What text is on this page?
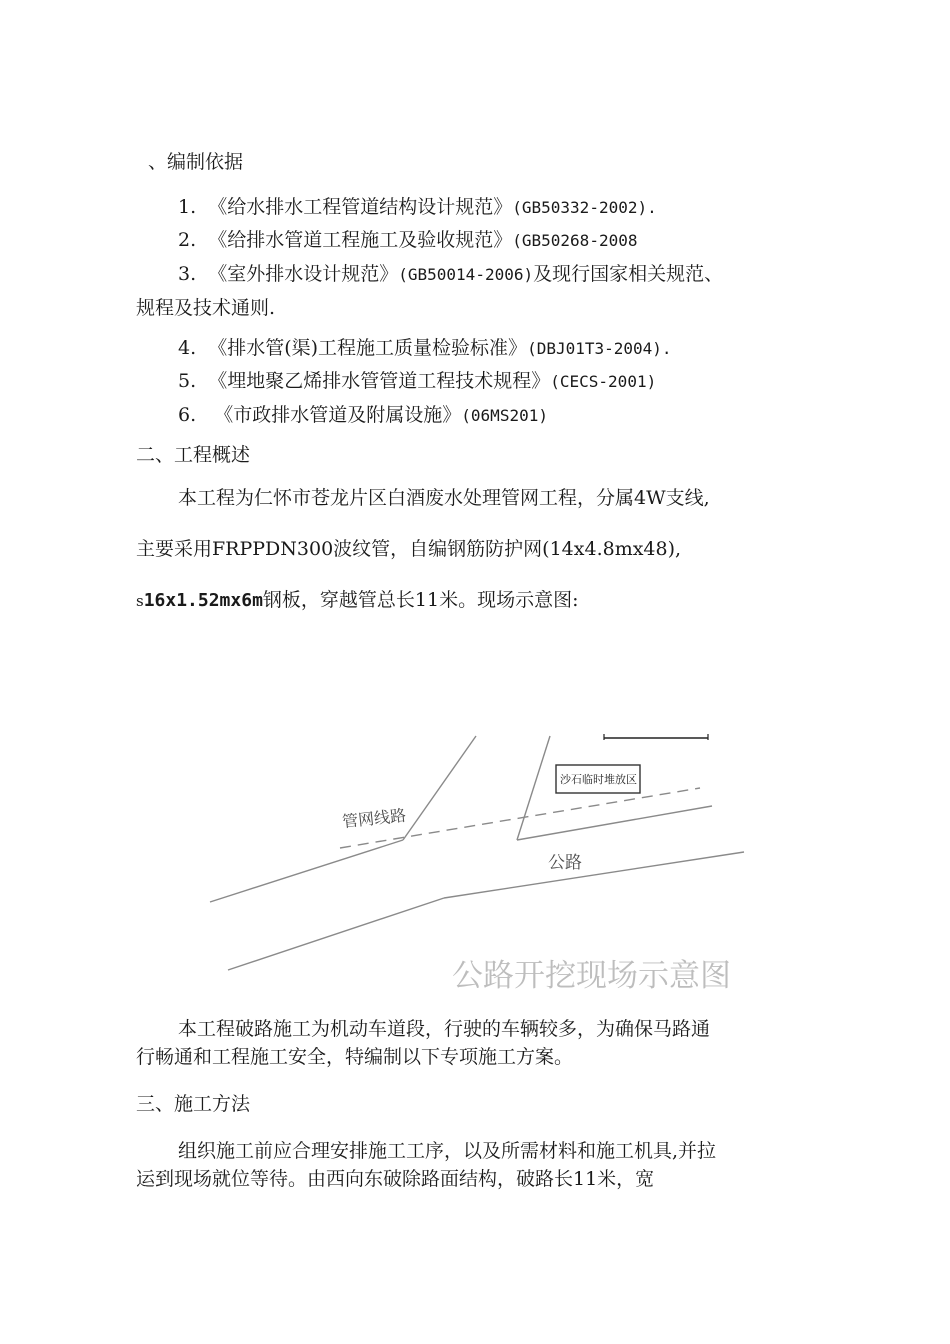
、编制依据
1. 《给水排水工程管道结构设计规范》(GB50332-2002).
2. 《给排水管道工程施工及验收规范》(GB50268-2008
3. 《室外排水设计规范》(GB50014-2006)及现行国家相关规范、
规程及技术通则.
4. 《排水管(渠)工程施工质量检验标准》(DBJ01T3-2004).
5. 《埋地聚乙烯排水管管道工程技术规程》(CECS-2001)
6. 《市政排水管道及附属设施》(06MS201)
二、工程概述
本工程为仁怀市苍龙片区白酒废水处理管网工程，分属4W支线,
主要采用FRPPDN300波纹管，自编钢筋防护网(14x4.8mx48),
s16x1.52mx6m钢板，穿越管总长11米。现场示意图:
管网线路
沙石临时堆放区
公路
公路开挖现场示意图
本工程破路施工为机动车道段，行驶的车辆较多，为确保马路通
行畅通和工程施工安全，特编制以下专项施工方案。
三、施工方法
组织施工前应合理安排施工工序，以及所需材料和施工机具,并拉
运到现场就位等待。由西向东破除路面结构，破路长11米，宽
